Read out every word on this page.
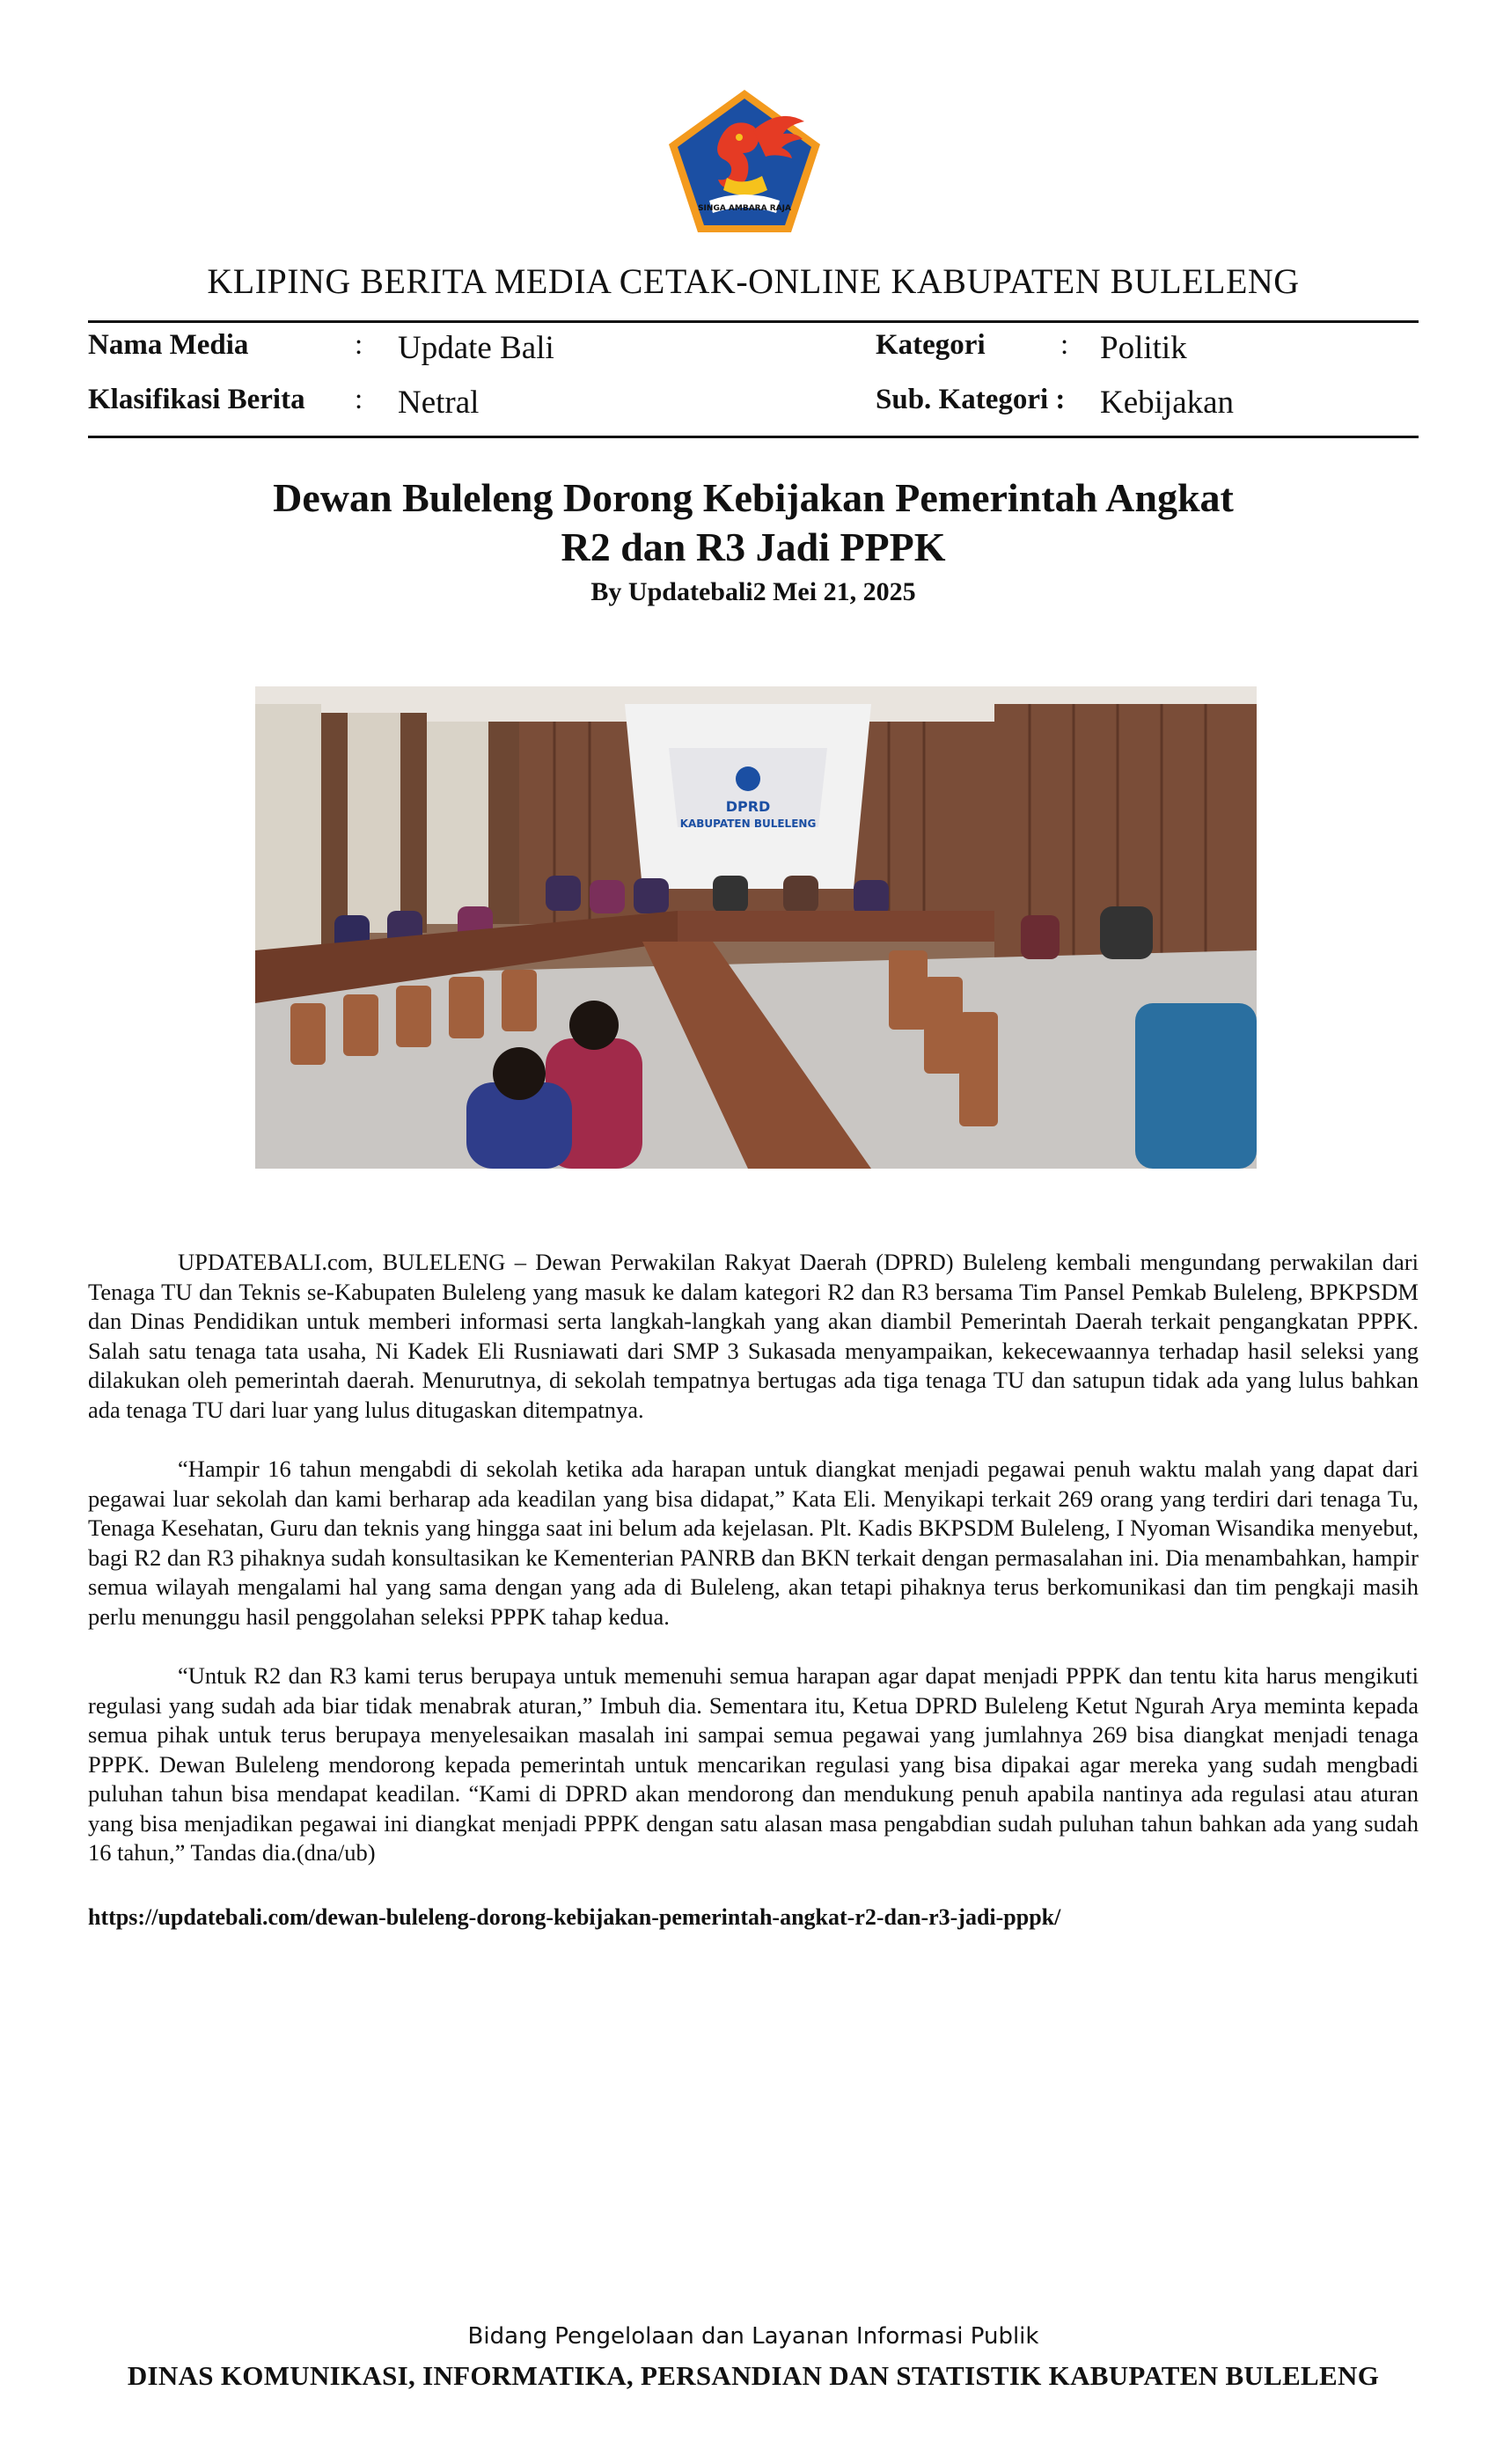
SINGA AMBARA RAJA
KLIPING BERITA MEDIA CETAK-ONLINE KABUPATEN BULELENG
Nama Media	: Update Bali
Klasifikasi Berita : Netral
Kategori	: Politik
Sub. Kategori : Kebijakan
Dewan Buleleng Dorong Kebijakan Pemerintah Angkat
R2 dan R3 Jadi PPPK
By Updatebali2 Mei 21, 2025
DPRD
KABUPATEN BULELENG

UPDATEBALI.com, BULELENG – Dewan Perwakilan Rakyat Daerah (DPRD) Buleleng kembali mengundang perwakilan dari Tenaga TU dan Teknis se-Kabupaten Buleleng yang masuk ke dalam kategori R2 dan R3 bersama Tim Pansel Pemkab Buleleng, BPKPSDM dan Dinas Pendidikan untuk memberi informasi serta langkah-langkah yang akan diambil Pemerintah Daerah terkait pengangkatan PPPK. Salah satu tenaga tata usaha, Ni Kadek Eli Rusniawati dari SMP 3 Sukasada menyampaikan, kekecewaannya terhadap hasil seleksi yang dilakukan oleh pemerintah daerah. Menurutnya, di sekolah tempatnya bertugas ada tiga tenaga TU dan satupun tidak ada yang lulus bahkan ada tenaga TU dari luar yang lulus ditugaskan ditempatnya.

“Hampir 16 tahun mengabdi di sekolah ketika ada harapan untuk diangkat menjadi pegawai penuh waktu malah yang dapat dari pegawai luar sekolah dan kami berharap ada keadilan yang bisa didapat,” Kata Eli. Menyikapi terkait 269 orang yang terdiri dari tenaga Tu, Tenaga Kesehatan, Guru dan teknis yang hingga saat ini belum ada kejelasan. Plt. Kadis BKPSDM Buleleng, I Nyoman Wisandika menyebut, bagi R2 dan R3 pihaknya sudah konsultasikan ke Kementerian PANRB dan BKN terkait dengan permasalahan ini. Dia menambahkan, hampir semua wilayah mengalami hal yang sama dengan yang ada di Buleleng, akan tetapi pihaknya terus berkomunikasi dan tim pengkaji masih perlu menunggu hasil penggolahan seleksi PPPK tahap kedua.

“Untuk R2 dan R3 kami terus berupaya untuk memenuhi semua harapan agar dapat menjadi PPPK dan tentu kita harus mengikuti regulasi yang sudah ada biar tidak menabrak aturan,” Imbuh dia. Sementara itu, Ketua DPRD Buleleng Ketut Ngurah Arya meminta kepada semua pihak untuk terus berupaya menyelesaikan masalah ini sampai semua pegawai yang jumlahnya 269 bisa diangkat menjadi tenaga PPPK. Dewan Buleleng mendorong kepada pemerintah untuk mencarikan regulasi yang bisa dipakai agar mereka yang sudah mengbadi puluhan tahun bisa mendapat keadilan. “Kami di DPRD akan mendorong dan mendukung penuh apabila nantinya ada regulasi atau aturan yang bisa menjadikan pegawai ini diangkat menjadi PPPK dengan satu alasan masa pengabdian sudah puluhan tahun bahkan ada yang sudah 16 tahun,” Tandas dia.(dna/ub)

https://updatebali.com/dewan-buleleng-dorong-kebijakan-pemerintah-angkat-r2-dan-r3-jadi-pppk/
Bidang Pengelolaan dan Layanan Informasi Publik
DINAS KOMUNIKASI, INFORMATIKA, PERSANDIAN DAN STATISTIK KABUPATEN BULELENG
